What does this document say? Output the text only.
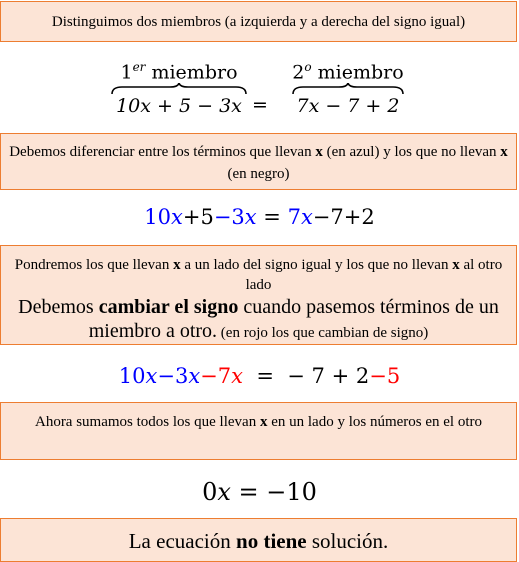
Distinguimos dos miembros (a izquierda y a derecha del signo igual)
1er miembro
10x + 5 − 3x =
$2^o$ miembro
7x − 7 + 2
Debemos diferenciar entre los términos que llevan x (en azul) y los que no llevan x (en negro)
10x+5−3x = 7x−7+2
Pondremos los que llevan x a un lado del signo igual y los que no llevan x al otro lado
Debemos cambiar el signo cuando pasemos términos de un miembro a otro. (en rojo los que cambian de signo)
10x−3x−7x  =  − 7 + 2−5
Ahora sumamos todos los que llevan x en un lado y los números en el otro
0x = −10
La ecuación no tiene solución.
